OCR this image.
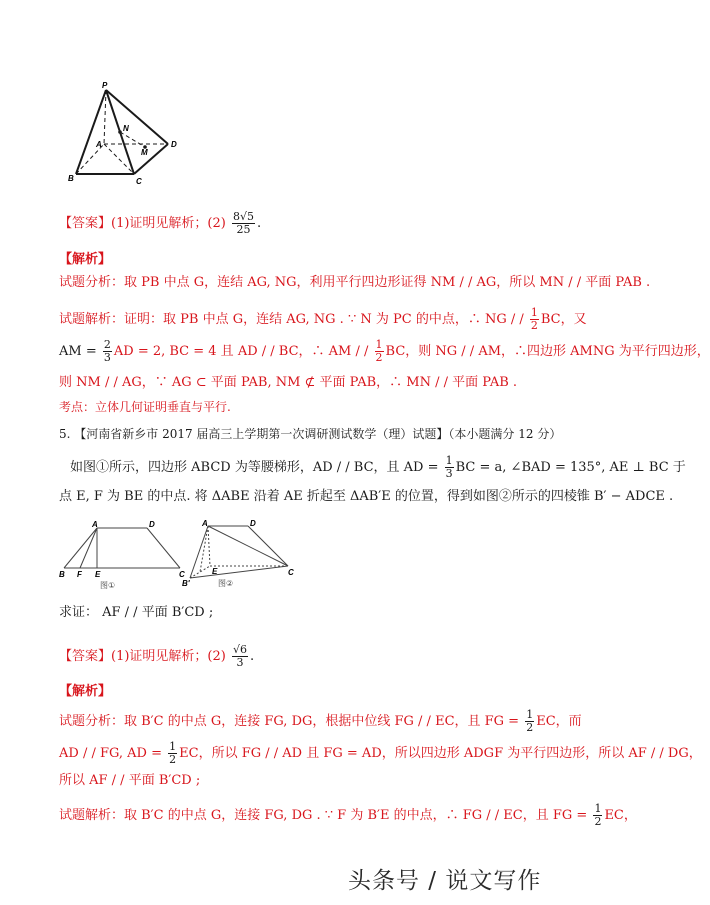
P
N
A
M
D
B	C
【答案】(1)证明见解析；$(2) \frac{8√5}{25}$ .
【解析】
试题分析：取 PB 中点 G，连结 AG, NG，利用平行四边形证得 NM / / AG，所以 MN / / 平面 PAB .
试题解析：证明：取 PB 中点 G，连结 AG, NG . ∵ N 为 PC 的中点，∴ NG / / $\frac{1}{2}$ BC，又
AM = $\frac{2}{3}$ AD = 2, BC = 4 且 AD / / BC，∴ AM / / $\frac{1}{2}$ BC，则 NG / / AM，∴四边形 AMNG 为平行四边形，
则 NM / / AG，∵ AG ⊂ 平面 PAB, NM ⊄ 平面 PAB，∴ MN / / 平面 PAB .
考点：立体几何证明垂直与平行.
5. 【河南省新乡市 2017 届高三上学期第一次调研测试数学（理）试题】（本小题满分 12 分）
如图①所示，四边形 ABCD 为等腰梯形，AD / / BC，且 AD = $\frac{1}{3}$ BC = a, ∠BAD = 135°, AE ⊥ BC 于
点 E, F 为 BE 的中点. 将 ΔABE 沿着 AE 折起至 ΔAB′E 的位置，得到如图②所示的四棱锥 B′ − ADCE .
A	D
B F E	C
图①
A	D
B'
E	C
图②
求证： AF / / 平面 B′CD ;
【答案】(1)证明见解析；$(2) \frac{√6}{3}$ .
【解析】
试题分析：取 B′C 的中点 G，连接 FG, DG，根据中位线 FG / / EC，且 FG = $\frac{1}{2}$ EC，而
AD / / FG, AD = $\frac{1}{2}$ EC，所以 FG / / AD 且 FG = AD，所以四边形 ADGF 为平行四边形，所以 AF / / DG，
所以 AF / / 平面 B′CD ;
试题解析：取 B′C 的中点 G，连接 FG, DG . ∵ F 为 B′E 的中点，∴ FG / / EC，且 FG = $\frac{1}{2}$ EC，
头条号 / 说文写作
